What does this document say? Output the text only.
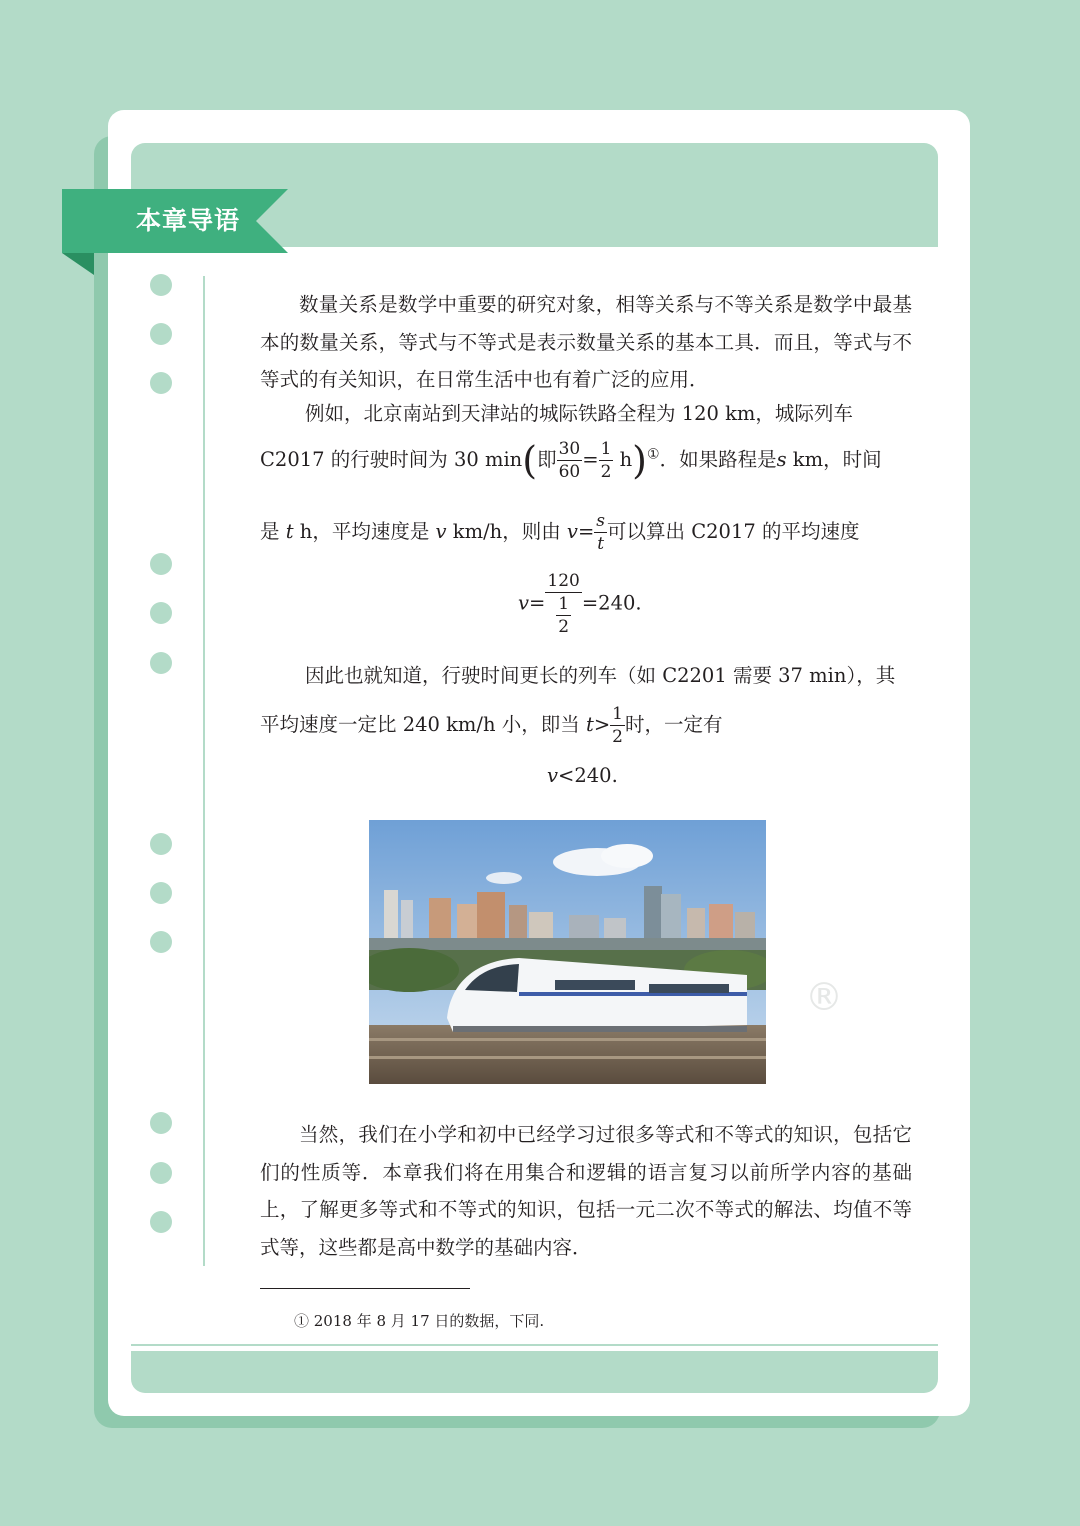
本章导语

数量关系是数学中重要的研究对象，相等关系与不等关系是数学中最基本的数量关系，等式与不等式是表示数量关系的基本工具．而且，等式与不等式的有关知识，在日常生活中也有着广泛的应用．

例如，北京南站到天津站的城际铁路全程为 120 km，城际列车
C2017 的行驶时间为 30 min(即 $\frac{30}{60} = \frac{1}{2} h)^①$．如果路程是s km，时间
是 t h，平均速度是 v km/h，则由 $v= \frac{s}{t}$ 可以算出 C2017 的平均速度
$v= \frac{120}{\frac{1}{2}} =240$.
因此也就知道，行驶时间更长的列车（如 C2201 需要 37 min），其
平均速度一定比 240 km/h 小，即当 $t> \frac{1}{2}$ 时，一定有
v<240.
®

当然，我们在小学和初中已经学习过很多等式和不等式的知识，包括它们的性质等．本章我们将在用集合和逻辑的语言复习以前所学内容的基础上，了解更多等式和不等式的知识，包括一元二次不等式的解法、均值不等式等，这些都是高中数学的基础内容．

① 2018 年 8 月 17 日的数据，下同.
